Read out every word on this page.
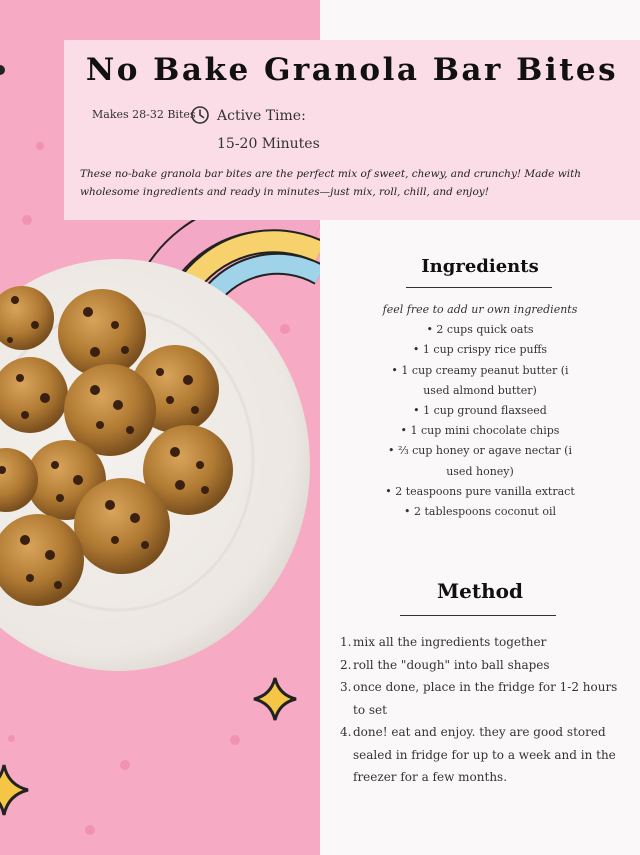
No Bake Granola Bar Bites
Makes 28-32 Bites Active Time:
15-20 Minutes
These no-bake granola bar bites are the perfect mix of sweet, chewy, and crunchy! Made with wholesome ingredients and ready in minutes—just mix, roll, chill, and enjoy!
Ingredients
feel free to add ur own ingredients
• 2 cups quick oats
• 1 cup crispy rice puffs
• 1 cup creamy peanut butter (i used almond butter)
• 1 cup ground flaxseed
• 1 cup mini chocolate chips
• ⅔ cup honey or agave nectar (i used honey)
• 2 teaspoons pure vanilla extract
• 2 tablespoons coconut oil
Method
1. mix all the ingredients together
2. roll the "dough" into ball shapes
3. once done, place in the fridge for 1-2 hours to set
4. done! eat and enjoy. they are good stored sealed in fridge for up to a week and in the freezer for a few months.
